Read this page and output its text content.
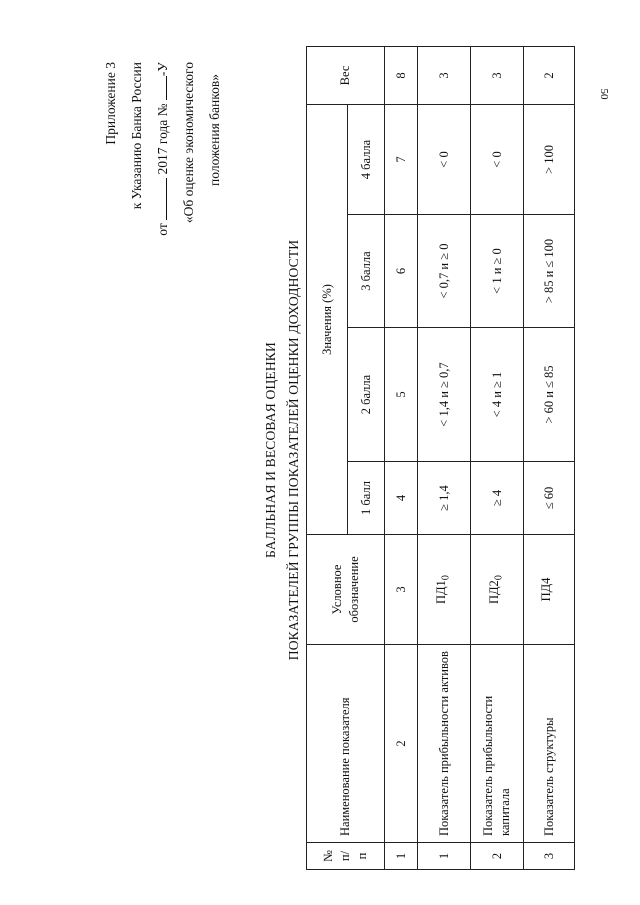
50
Приложение 3 к Указанию Банка России
от  2017 года № -У «Об оценке экономического положения банков»
БАЛЛЬНАЯ И ВЕСОВАЯ ОЦЕНКИ ПОКАЗАТЕЛЕЙ ГРУППЫ ПОКАЗАТЕЛЕЙ ОЦЕНКИ ДОХОДНОСТИ
№ п/п	Наименование показателя	Условное обозначение	Значения (%)				Вес
			1 балл	2 балла	3 балла	4 балла	
1	2	3	4	5	6	7	8
1	Показатель прибыльности активов	$ПД1_0$	≥ 1,4	< 1,4 и ≥ 0,7	< 0,7 и ≥ 0	< 0	3
2	Показатель прибыльности капитала	$ПД2_0$	≥ 4	< 4 и ≥ 1	< 1 и ≥ 0	< 0	3
3	Показатель структуры	ПД4	≤ 60	> 60 и ≤ 85	> 85 и ≤ 100	> 100	2
